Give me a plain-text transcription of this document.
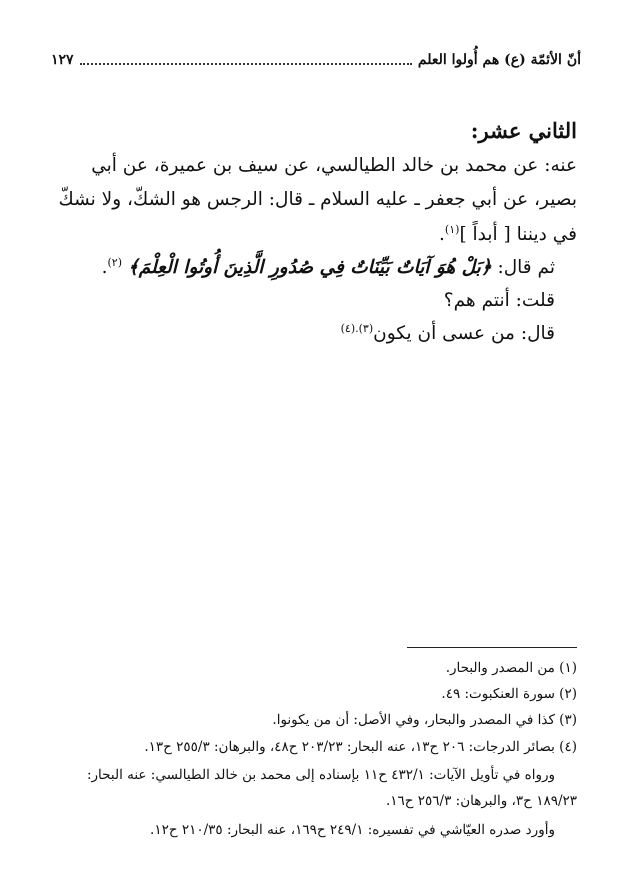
أنّ الأئمّة (ع) هم أُولوا العلم
١٢٧
الثاني عشر:
عنه: عن محمد بن خالد الطيالسي، عن سيف بن عميرة، عن أبي
بصير، عن أبي جعفر ـ عليه السلام ـ قال: الرجس هو الشكّ، ولا نشكّ
في ديننا [ أبداً ]$^{(١)}$.
ثم قال: ﴿بَلْ هُوَ آيَاتٌ بَيِّنَاتٌ فِي صُدُورِ الَّذِينَ أُوتُوا الْعِلْمَ﴾ $^{(٢)}$.
قلت: أنتم هم؟
قال: من عسى أن يكون$^{(٣).(٤)}$
(١) من المصدر والبحار.
(٢) سورة العنكبوت: ٤٩.
(٣) كذا في المصدر والبحار، وفي الأصل: أن من يكونوا.
(٤) بصائر الدرجات: ٢٠٦ ح١٣، عنه البحار: ٢٠٣/٢٣ ح٤٨، والبرهان: ٢٥٥/٣ ح١٣.
ورواه في تأويل الآيات: ٤٣٢/١ ح١١ بإسناده إلى محمد بن خالد الطيالسي: عنه البحار:
١٨٩/٢٣ ح٣، والبرهان: ٢٥٦/٣ ح١٦.
وأورد صدره العيّاشي في تفسيره: ٢٤٩/١ ح١٦٩، عنه البحار: ٢١٠/٣٥ ح١٢.
